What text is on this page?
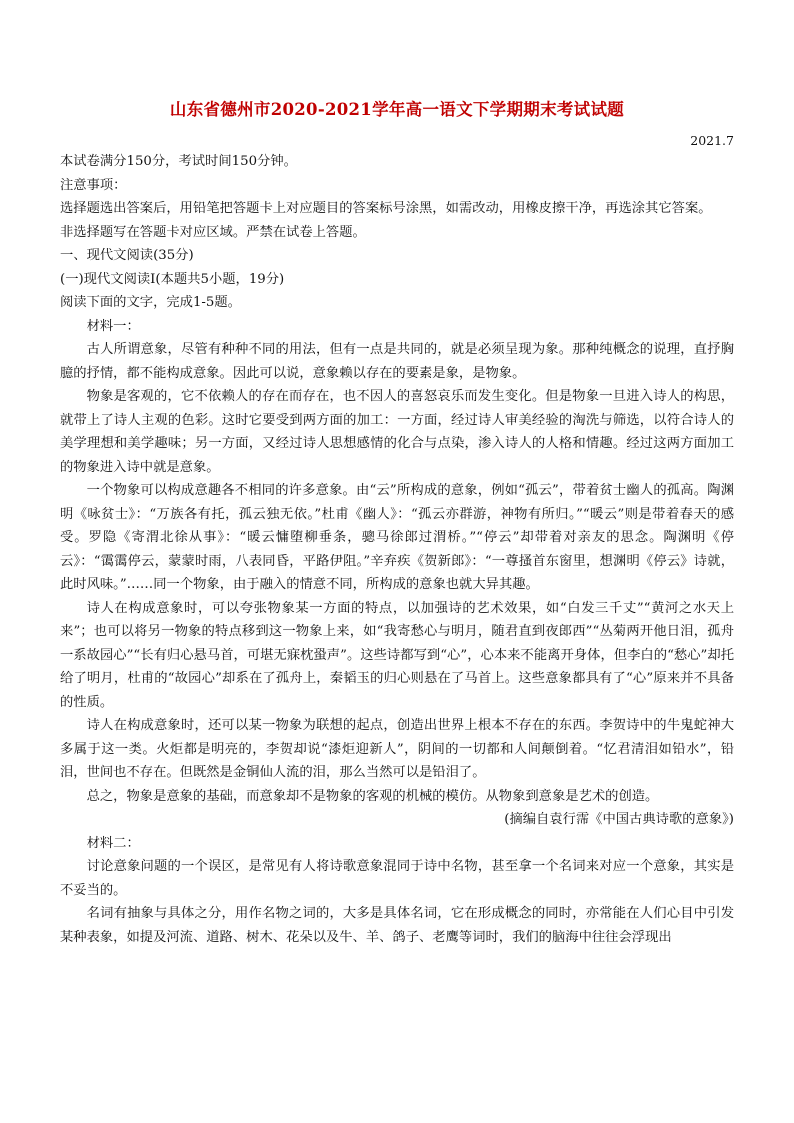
山东省德州市2020-2021学年高一语文下学期期末考试试题
2021.7
本试卷满分150分，考试时间150分钟。
注意事项：
选择题选出答案后，用铅笔把答题卡上对应题目的答案标号涂黑，如需改动，用橡皮擦干净，再选涂其它答案。
非选择题写在答题卡对应区域。严禁在试卷上答题。
一、现代文阅读(35分)
(一)现代文阅读Ⅰ(本题共5小题，19分)
阅读下面的文字，完成1-5题。

材料一：

古人所谓意象，尽管有种种不同的用法，但有一点是共同的，就是必须呈现为象。那种纯概念的说理，直抒胸臆的抒情，都不能构成意象。因此可以说，意象赖以存在的要素是象，是物象。

物象是客观的，它不依赖人的存在而存在，也不因人的喜怒哀乐而发生变化。但是物象一旦进入诗人的构思，就带上了诗人主观的色彩。这时它要受到两方面的加工：一方面，经过诗人审美经验的淘洗与筛选，以符合诗人的美学理想和美学趣味；另一方面，又经过诗人思想感情的化合与点染，渗入诗人的人格和情趣。经过这两方面加工的物象进入诗中就是意象。

一个物象可以构成意趣各不相同的许多意象。由“云”所构成的意象，例如“孤云”，带着贫士幽人的孤高。陶渊明《咏贫士》：“万族各有托，孤云独无依。”杜甫《幽人》：“孤云亦群游，神物有所归。”“暖云”则是带着春天的感受。罗隐《寄渭北徐从事》：“暖云慵堕柳垂条，骢马徐郎过渭桥。”“停云”却带着对亲友的思念。陶渊明《停云》：“霭霭停云，蒙蒙时雨，八表同昏，平路伊阻。”辛弃疾《贺新郎》：“一尊搔首东窗里，想渊明《停云》诗就，此时风味。”……同一个物象，由于融入的情意不同，所构成的意象也就大异其趣。

诗人在构成意象时，可以夸张物象某一方面的特点，以加强诗的艺术效果，如“白发三千丈”“黄河之水天上来”；也可以将另一物象的特点移到这一物象上来，如“我寄愁心与明月，随君直到夜郎西”“丛菊两开他日泪，孤舟一系故园心”“长有归心悬马首，可堪无寐枕蛩声”。这些诗都写到“心”，心本来不能离开身体，但李白的“愁心”却托给了明月，杜甫的“故园心”却系在了孤舟上，秦韬玉的归心则悬在了马首上。这些意象都具有了“心”原来并不具备的性质。

诗人在构成意象时，还可以某一物象为联想的起点，创造出世界上根本不存在的东西。李贺诗中的牛鬼蛇神大多属于这一类。火炬都是明亮的，李贺却说“漆炬迎新人”，阴间的一切都和人间颠倒着。“忆君清泪如铅水”，铅泪，世间也不存在。但既然是金铜仙人流的泪，那么当然可以是铅泪了。

总之，物象是意象的基础，而意象却不是物象的客观的机械的模仿。从物象到意象是艺术的创造。

(摘编自袁行霈《中国古典诗歌的意象》)

材料二：

讨论意象问题的一个误区，是常见有人将诗歌意象混同于诗中名物，甚至拿一个名词来对应一个意象，其实是不妥当的。

名词有抽象与具体之分，用作名物之词的，大多是具体名词，它在形成概念的同时，亦常能在人们心目中引发某种表象，如提及河流、道路、树木、花朵以及牛、羊、鸽子、老鹰等词时，我们的脑海中往往会浮现出
